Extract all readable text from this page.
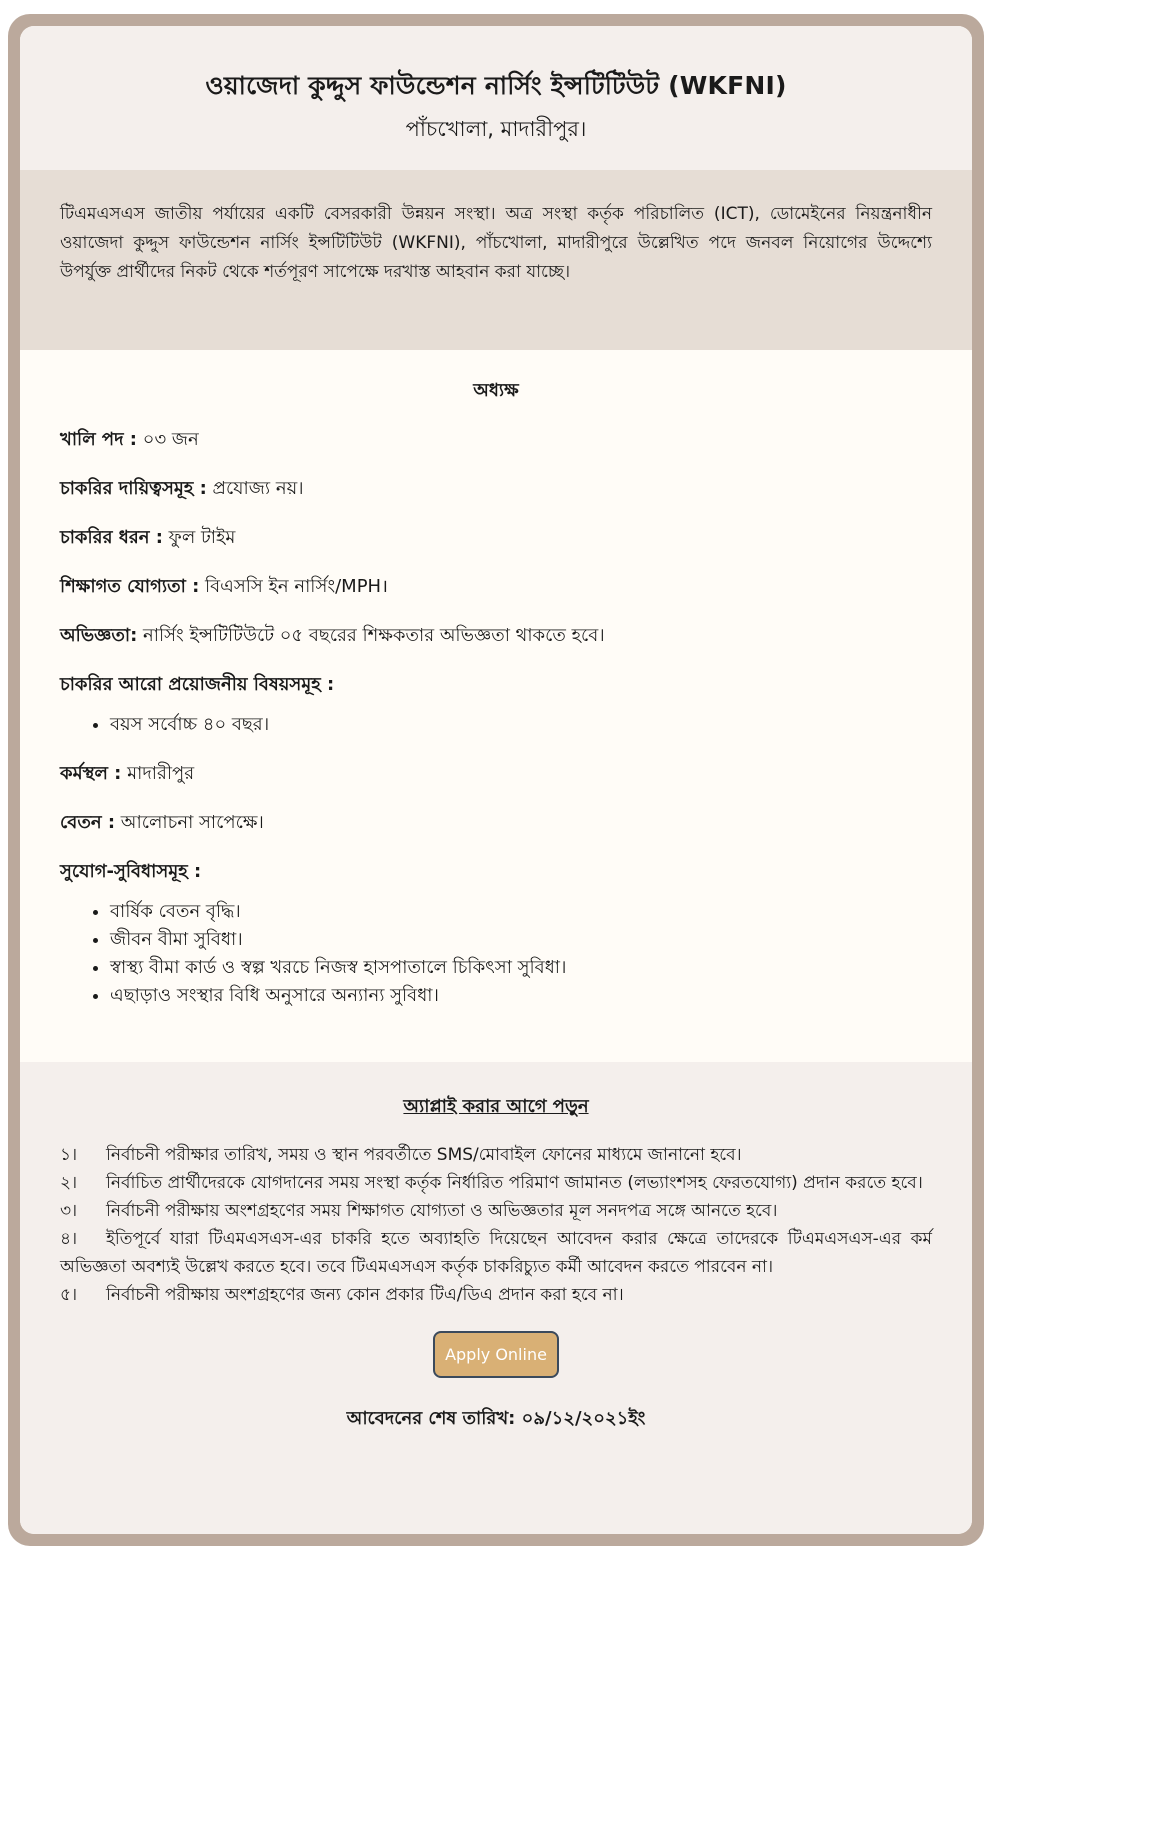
ওয়াজেদা কুদ্দুস ফাউন্ডেশন নার্সিং ইন্সটিটিউট (WKFNI)
পাঁচখোলা, মাদারীপুর।
টিএমএসএস জাতীয় পর্যায়ের একটি বেসরকারী উন্নয়ন সংস্থা। অত্র সংস্থা কর্তৃক পরিচালিত (ICT), ডোমেইনের নিয়ন্ত্রনাধীন ওয়াজেদা কুদ্দুস ফাউন্ডেশন নার্সিং ইন্সটিটিউট (WKFNI), পাঁচখোলা, মাদারীপুরে উল্লেখিত পদে জনবল নিয়োগের উদ্দেশ্যে উপর্যুক্ত প্রার্থীদের নিকট থেকে শর্তপূরণ সাপেক্ষে দরখাস্ত আহবান করা যাচ্ছে।
অধ্যক্ষ
খালি পদ : ০৩ জন
চাকরির দায়িত্বসমূহ : প্রযোজ্য নয়।
চাকরির ধরন : ফুল টাইম
শিক্ষাগত যোগ্যতা : বিএসসি ইন নার্সিং/MPH।
অভিজ্ঞতা: নার্সিং ইন্সটিটিউটে ০৫ বছরের শিক্ষকতার অভিজ্ঞতা থাকতে হবে।
চাকরির আরো প্রয়োজনীয় বিষয়সমূহ :
• বয়স সর্বোচ্চ ৪০ বছর।
কর্মস্থল : মাদারীপুর
বেতন : আলোচনা সাপেক্ষে।
সুযোগ-সুবিধাসমূহ :
• বার্ষিক বেতন বৃদ্ধি।
• জীবন বীমা সুবিধা।
• স্বাস্থ্য বীমা কার্ড ও স্বল্প খরচে নিজস্ব হাসপাতালে চিকিৎসা সুবিধা।
• এছাড়াও সংস্থার বিধি অনুসারে অন্যান্য সুবিধা।
অ্যাপ্লাই করার আগে পড়ুন

১। নির্বাচনী পরীক্ষার তারিখ, সময় ও স্থান পরবর্তীতে SMS/মোবাইল ফোনের মাধ্যমে জানানো হবে।

২। নির্বাচিত প্রার্থীদেরকে যোগদানের সময় সংস্থা কর্তৃক নির্ধারিত পরিমাণ জামানত (লভ্যাংশসহ ফেরতযোগ্য) প্রদান করতে হবে।

৩। নির্বাচনী পরীক্ষায় অংশগ্রহণের সময় শিক্ষাগত যোগ্যতা ও অভিজ্ঞতার মূল সনদপত্র সঙ্গে আনতে হবে।

৪। ইতিপূর্বে যারা টিএমএসএস-এর চাকরি হতে অব্যাহতি দিয়েছেন আবেদন করার ক্ষেত্রে তাদেরকে টিএমএসএস-এর কর্ম অভিজ্ঞতা অবশ্যই উল্লেখ করতে হবে। তবে টিএমএসএস কর্তৃক চাকরিচ্যুত কর্মী আবেদন করতে পারবেন না।

৫। নির্বাচনী পরীক্ষায় অংশগ্রহণের জন্য কোন প্রকার টিএ/ডিএ প্রদান করা হবে না।

Apply Online
আবেদনের শেষ তারিখ: ০৯/১২/২০২১ইং
